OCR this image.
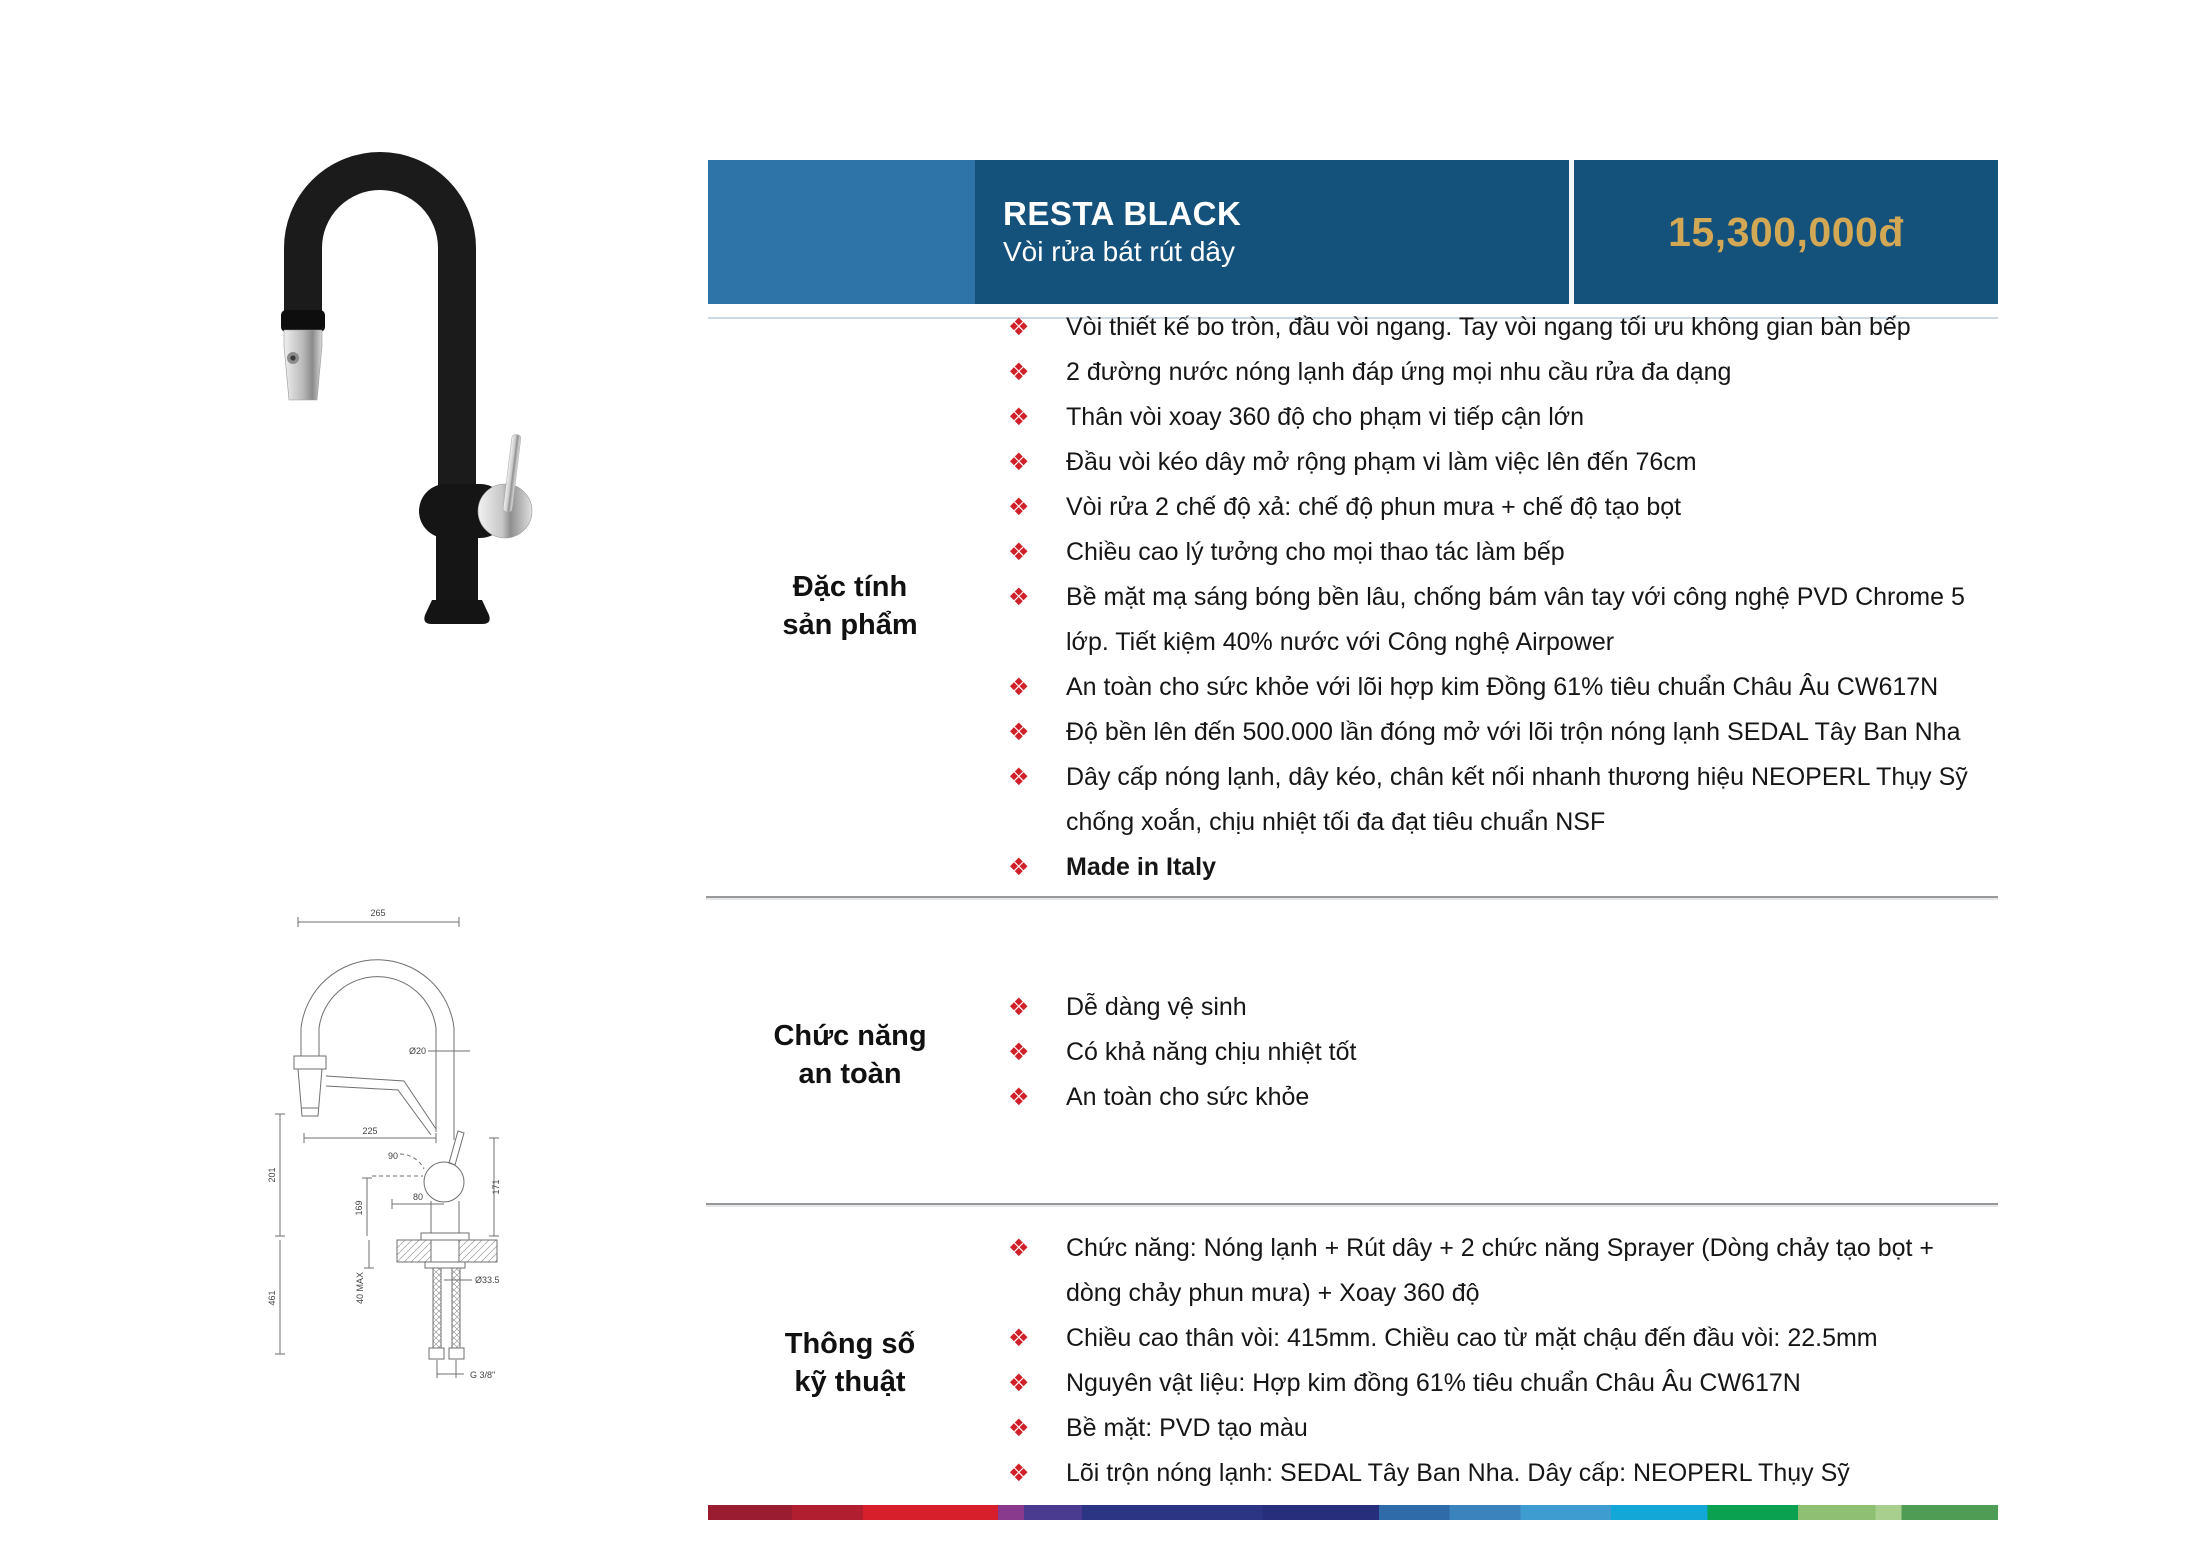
265
Ø20
225
90
201
171
169
80
40 MAX
461
Ø33.5
G 3/8"
RESTA BLACK
Vòi rửa bát rút dây	15,300,000đ
Đặc tính
sản phẩm
❖	Vòi thiết kế bo tròn, đầu vòi ngang. Tay vòi ngang tối ưu không gian bàn bếp
❖	2 đường nước nóng lạnh đáp ứng mọi nhu cầu rửa đa dạng
❖	Thân vòi xoay 360 độ cho phạm vi tiếp cận lớn
❖	Đầu vòi kéo dây mở rộng phạm vi làm việc lên đến 76cm
❖	Vòi rửa 2 chế độ xả: chế độ phun mưa + chế độ tạo bọt
❖	Chiều cao lý tưởng cho mọi thao tác làm bếp
❖	Bề mặt mạ sáng bóng bền lâu, chống bám vân tay với công nghệ PVD Chrome 5
lớp. Tiết kiệm 40% nước với Công nghệ Airpower
❖	An toàn cho sức khỏe với lõi hợp kim Đồng 61% tiêu chuẩn Châu Âu CW617N
❖	Độ bền lên đến 500.000 lần đóng mở với lõi trộn nóng lạnh SEDAL Tây Ban Nha
❖	Dây cấp nóng lạnh, dây kéo, chân kết nối nhanh thương hiệu NEOPERL Thụy Sỹ
chống xoắn, chịu nhiệt tối đa đạt tiêu chuẩn NSF
❖	Made in Italy
Chức năng
an toàn
❖	Dễ dàng vệ sinh
❖	Có khả năng chịu nhiệt tốt
❖	An toàn cho sức khỏe
Thông số
kỹ thuật
❖	Chức năng: Nóng lạnh + Rút dây + 2 chức năng Sprayer (Dòng chảy tạo bọt +
dòng chảy phun mưa) + Xoay 360 độ
❖	Chiều cao thân vòi: 415mm. Chiều cao từ mặt chậu đến đầu vòi: 22.5mm
❖	Nguyên vật liệu: Hợp kim đồng 61% tiêu chuẩn Châu Âu CW617N
❖	Bề mặt: PVD tạo màu
❖	Lõi trộn nóng lạnh: SEDAL Tây Ban Nha. Dây cấp: NEOPERL Thụy Sỹ
